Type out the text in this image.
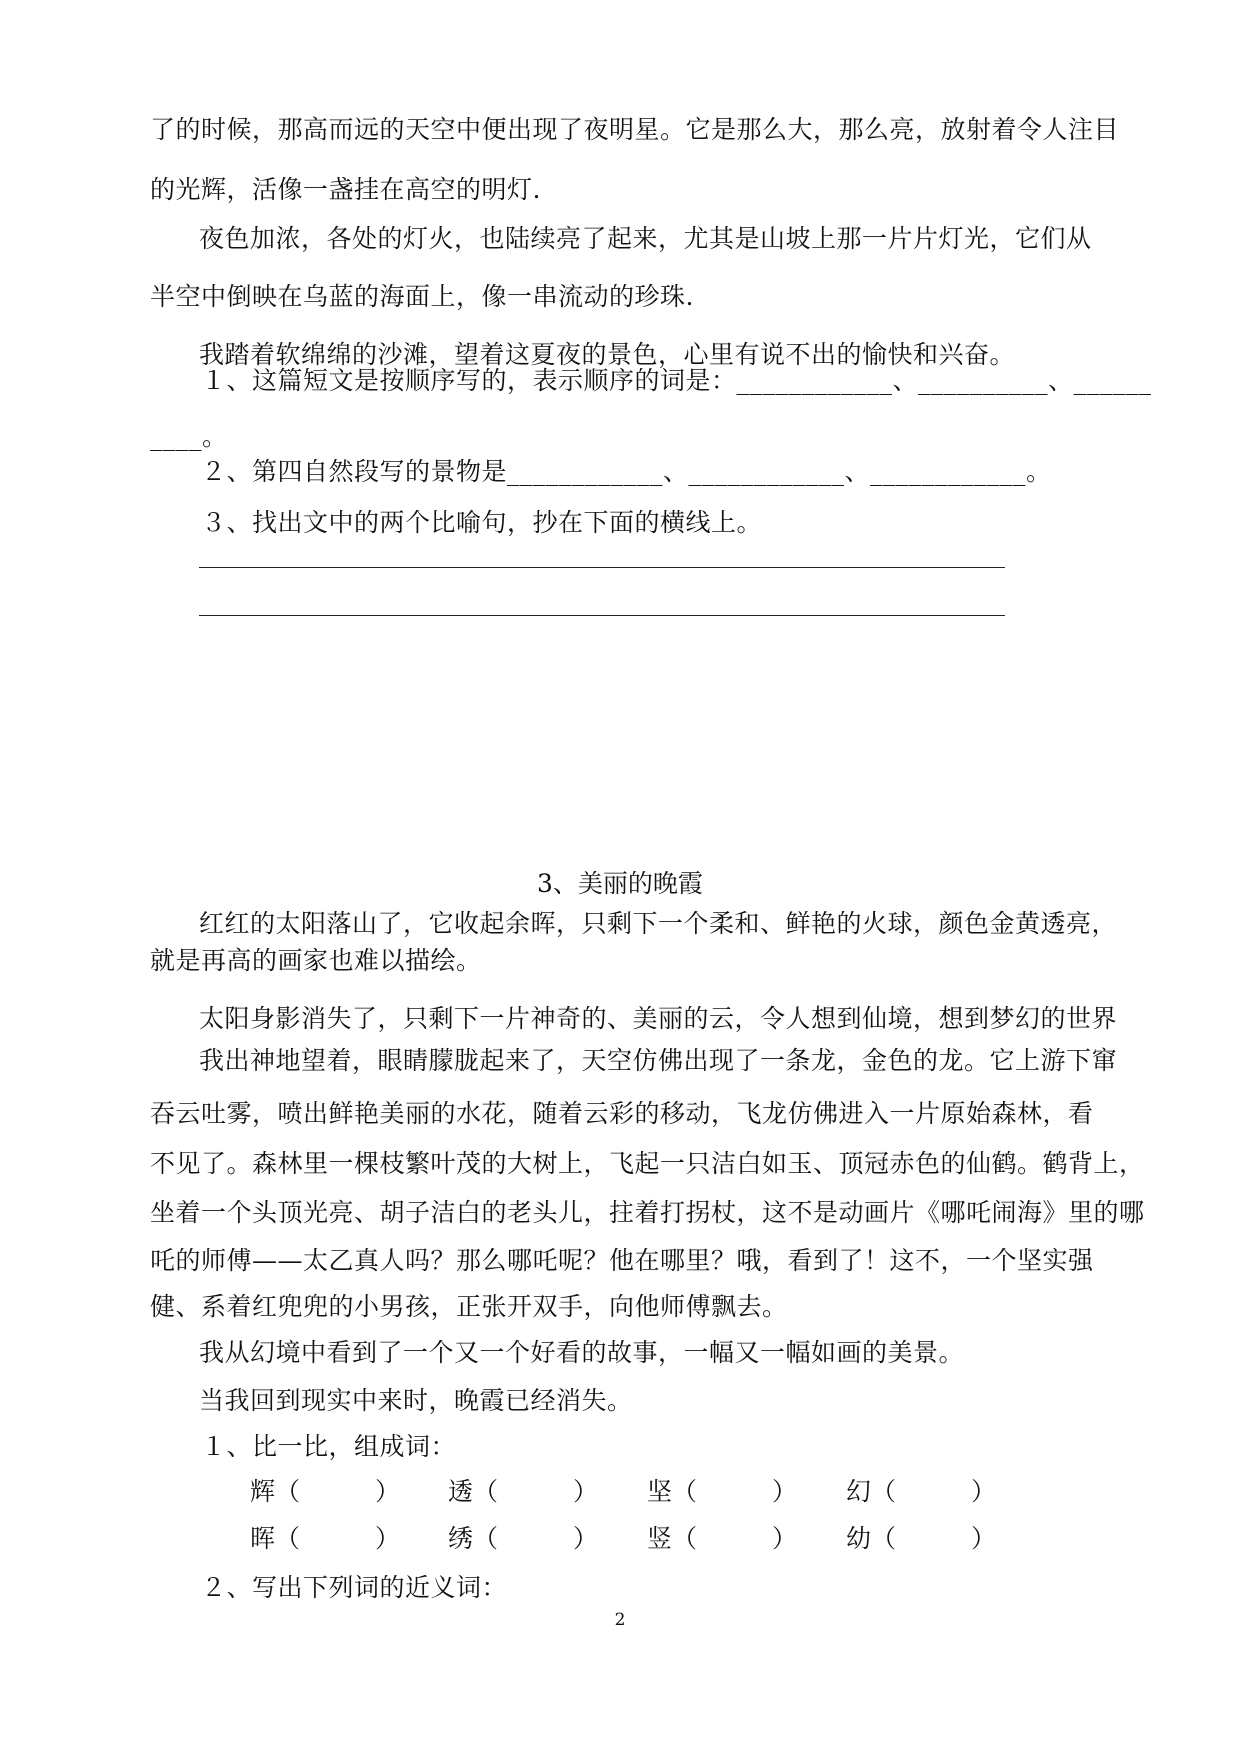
了的时候，那高而远的天空中便出现了夜明星。它是那么大，那么亮，放射着令人注目
的光辉，活像一盏挂在高空的明灯.
夜色加浓，各处的灯火，也陆续亮了起来，尤其是山坡上那一片片灯光，它们从
半空中倒映在乌蓝的海面上，像一串流动的珍珠.
我踏着软绵绵的沙滩，望着这夏夜的景色，心里有说不出的愉快和兴奋。
１、这篇短文是按顺序写的，表示顺序的词是：____________、__________、______
____。
２、第四自然段写的景物是____________、____________、____________。
３、找出文中的两个比喻句，抄在下面的横线上。
3、美丽的晚霞
红红的太阳落山了，它收起余晖，只剩下一个柔和、鲜艳的火球，颜色金黄透亮，
就是再高的画家也难以描绘。
太阳身影消失了，只剩下一片神奇的、美丽的云，令人想到仙境，想到梦幻的世界
我出神地望着，眼睛朦胧起来了，天空仿佛出现了一条龙，金色的龙。它上游下窜
吞云吐雾，喷出鲜艳美丽的水花，随着云彩的移动，飞龙仿佛进入一片原始森林，看
不见了。森林里一棵枝繁叶茂的大树上，飞起一只洁白如玉、顶冠赤色的仙鹤。鹤背上，
坐着一个头顶光亮、胡子洁白的老头儿，拄着打拐杖，这不是动画片《哪吒闹海》里的哪
吒的师傅——太乙真人吗？那么哪吒呢？他在哪里？哦，看到了！这不，一个坚实强
健、系着红兜兜的小男孩，正张开双手，向他师傅飘去。
我从幻境中看到了一个又一个好看的故事，一幅又一幅如画的美景。
当我回到现实中来时，晚霞已经消失。
１、比一比，组成词：
辉（　　　） 透（　　　） 坚（　　　） 幻（　　　）
晖（　　　） 绣（　　　） 竖（　　　） 幼（　　　）
２、写出下列词的近义词：
2
